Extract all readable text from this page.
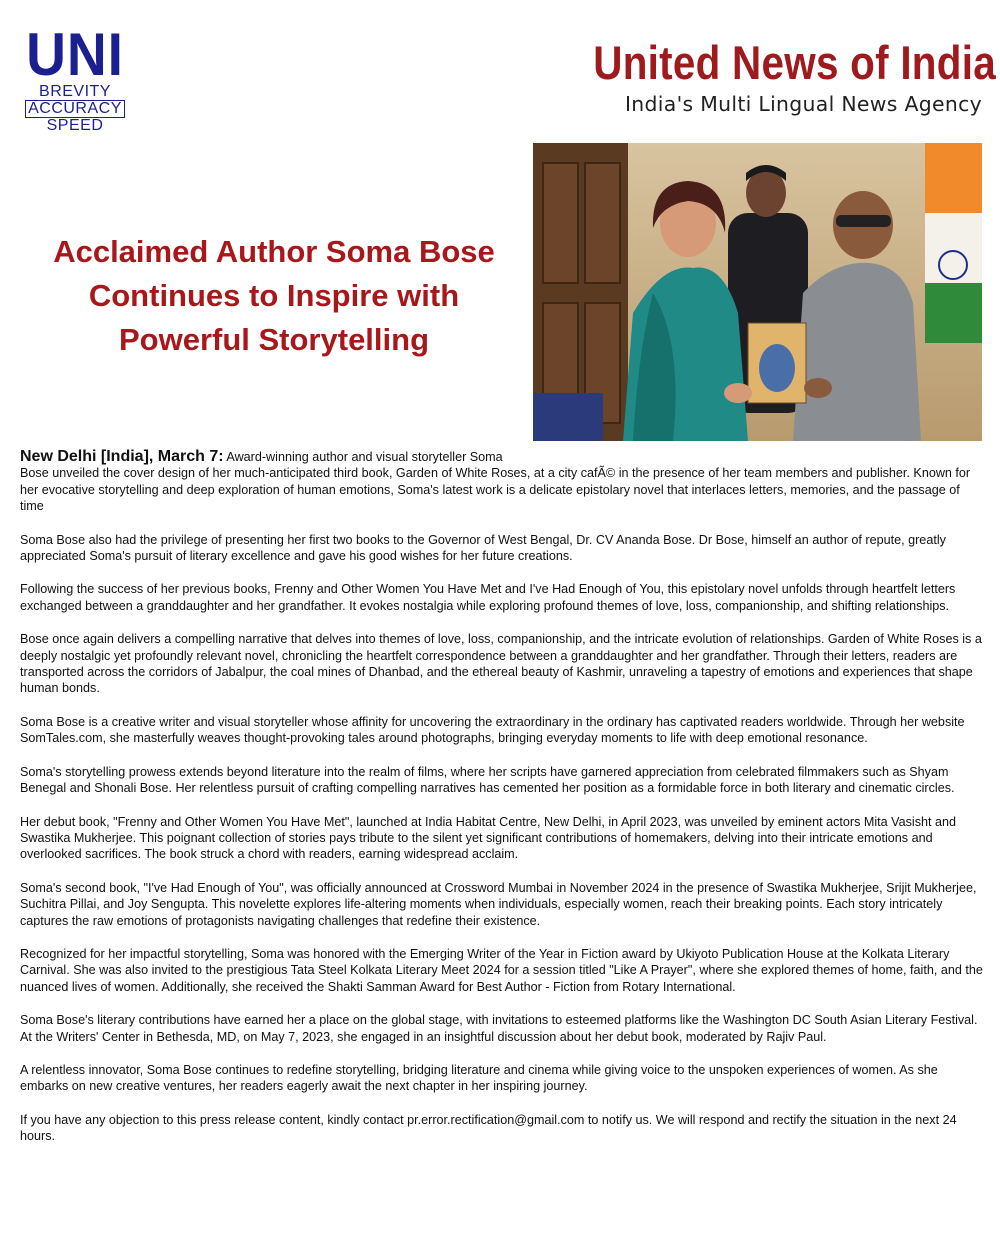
UNI
BREVITY
ACCURACY
SPEED
United News of India
India's Multi Lingual News Agency
Acclaimed Author Soma Bose Continues to Inspire with Powerful Storytelling

New Delhi [India], March 7: Award-winning author and visual storyteller Soma
Bose unveiled the cover design of her much-anticipated third book, Garden of White Roses, at a city cafÃ© in the presence of her team members and publisher. Known for her evocative storytelling and deep exploration of human emotions, Soma's latest work is a delicate epistolary novel that interlaces letters, memories, and the passage of time

Soma Bose also had the privilege of presenting her first two books to the Governor of West Bengal, Dr. CV Ananda Bose. Dr Bose, himself an author of repute, greatly appreciated Soma's pursuit of literary excellence and gave his good wishes for her future creations.

Following the success of her previous books, Frenny and Other Women You Have Met and I've Had Enough of You, this epistolary novel unfolds through heartfelt letters exchanged between a granddaughter and her grandfather. It evokes nostalgia while exploring profound themes of love, loss, companionship, and shifting relationships.

Bose once again delivers a compelling narrative that delves into themes of love, loss, companionship, and the intricate evolution of relationships. Garden of White Roses is a deeply nostalgic yet profoundly relevant novel, chronicling the heartfelt correspondence between a granddaughter and her grandfather. Through their letters, readers are transported across the corridors of Jabalpur, the coal mines of Dhanbad, and the ethereal beauty of Kashmir, unraveling a tapestry of emotions and experiences that shape human bonds.

Soma Bose is a creative writer and visual storyteller whose affinity for uncovering the extraordinary in the ordinary has captivated readers worldwide. Through her website SomTales.com, she masterfully weaves thought-provoking tales around photographs, bringing everyday moments to life with deep emotional resonance.

Soma's storytelling prowess extends beyond literature into the realm of films, where her scripts have garnered appreciation from celebrated filmmakers such as Shyam Benegal and Shonali Bose. Her relentless pursuit of crafting compelling narratives has cemented her position as a formidable force in both literary and cinematic circles.

Her debut book, "Frenny and Other Women You Have Met", launched at India Habitat Centre, New Delhi, in April 2023, was unveiled by eminent actors Mita Vasisht and Swastika Mukherjee. This poignant collection of stories pays tribute to the silent yet significant contributions of homemakers, delving into their intricate emotions and overlooked sacrifices. The book struck a chord with readers, earning widespread acclaim.

Soma's second book, "I've Had Enough of You", was officially announced at Crossword Mumbai in November 2024 in the presence of Swastika Mukherjee, Srijit Mukherjee, Suchitra Pillai, and Joy Sengupta. This novelette explores life-altering moments when individuals, especially women, reach their breaking points. Each story intricately captures the raw emotions of protagonists navigating challenges that redefine their existence.

Recognized for her impactful storytelling, Soma was honored with the Emerging Writer of the Year in Fiction award by Ukiyoto Publication House at the Kolkata Literary Carnival. She was also invited to the prestigious Tata Steel Kolkata Literary Meet 2024 for a session titled "Like A Prayer", where she explored themes of home, faith, and the nuanced lives of women. Additionally, she received the Shakti Samman Award for Best Author - Fiction from Rotary International.

Soma Bose's literary contributions have earned her a place on the global stage, with invitations to esteemed platforms like the Washington DC South Asian Literary Festival. At the Writers' Center in Bethesda, MD, on May 7, 2023, she engaged in an insightful discussion about her debut book, moderated by Rajiv Paul.

A relentless innovator, Soma Bose continues to redefine storytelling, bridging literature and cinema while giving voice to the unspoken experiences of women. As she embarks on new creative ventures, her readers eagerly await the next chapter in her inspiring journey.

If you have any objection to this press release content, kindly contact pr.error.rectification@gmail.com to notify us. We will respond and rectify the situation in the next 24 hours.
